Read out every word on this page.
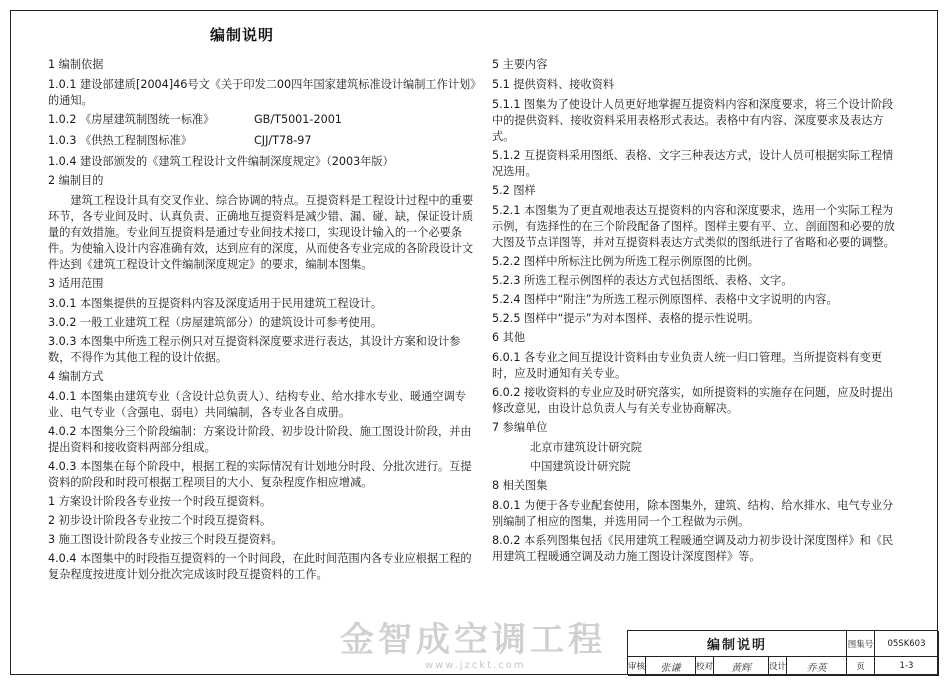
编制说明
1 编制依据
1.0.1 建设部建质[2004]46号文《关于印发二00四年国家建筑标准设计编制工作计划》的通知。
1.0.2 《房屋建筑制图统一标准》	GB/T5001-2001
1.0.3 《供热工程制图标准》	CJJ/T78-97
1.0.4 建设部颁发的《建筑工程设计文件编制深度规定》（2003年版）
2 编制目的
建筑工程设计具有交叉作业、综合协调的特点。互提资料是工程设计过程中的重要环节，各专业间及时、认真负责、正确地互提资料是减少错、漏、碰、缺，保证设计质量的有效措施。专业间互提资料是通过专业间技术接口，实现设计输入的一个必要条件。为使输入设计内容准确有效，达到应有的深度，从而使各专业完成的各阶段设计文件达到《建筑工程设计文件编制深度规定》的要求，编制本图集。
3 适用范围
3.0.1 本图集提供的互提资料内容及深度适用于民用建筑工程设计。
3.0.2 一般工业建筑工程（房屋建筑部分）的建筑设计可参考使用。
3.0.3 本图集中所选工程示例只对互提资料深度要求进行表达，其设计方案和设计参数，不得作为其他工程的设计依据。
4 编制方式
4.0.1 本图集由建筑专业（含设计总负责人）、结构专业、给水排水专业、暖通空调专业、电气专业（含强电、弱电）共同编制，各专业各自成册。
4.0.2 本图集分三个阶段编制：方案设计阶段、初步设计阶段、施工图设计阶段，并由提出资料和接收资料两部分组成。
4.0.3 本图集在每个阶段中，根据工程的实际情况有计划地分时段、分批次进行。互提资料的阶段和时段可根据工程项目的大小、复杂程度作相应增减。
1 方案设计阶段各专业按一个时段互提资料。
2 初步设计阶段各专业按二个时段互提资料。
3 施工图设计阶段各专业按三个时段互提资料。
4.0.4 本图集中的时段指互提资料的一个时间段，在此时间范围内各专业应根据工程的复杂程度按进度计划分批次完成该时段互提资料的工作。
5 主要内容
5.1 提供资料、接收资料
5.1.1 图集为了使设计人员更好地掌握互提资料内容和深度要求，将三个设计阶段中的提供资料、接收资料采用表格形式表达。表格中有内容、深度要求及表达方式。
5.1.2 互提资料采用图纸、表格、文字三种表达方式，设计人员可根据实际工程情况选用。
5.2 图样
5.2.1 本图集为了更直观地表达互提资料的内容和深度要求，选用一个实际工程为示例，有选择性的在三个阶段配备了图样。图样主要有平、立、剖面图和必要的放大图及节点详图等，并对互提资料表达方式类似的图纸进行了省略和必要的调整。
5.2.2 图样中所标注比例为所选工程示例原图的比例。
5.2.3 所选工程示例图样的表达方式包括图纸、表格、文字。
5.2.4 图样中“附注”为所选工程示例原图样、表格中文字说明的内容。
5.2.5 图样中“提示”为对本图样、表格的提示性说明。
6 其他
6.0.1 各专业之间互提设计资料由专业负责人统一归口管理。当所提资料有变更时，应及时通知有关专业。
6.0.2 接收资料的专业应及时研究落实，如所提资料的实施存在问题，应及时提出修改意见，由设计总负责人与有关专业协商解决。
7 参编单位
北京市建筑设计研究院
中国建筑设计研究院
8 相关图集
8.0.1 为便于各专业配套使用，除本图集外，建筑、结构、给水排水、电气专业分别编制了相应的图集，并选用同一个工程做为示例。
8.0.2 本系列图集包括《民用建筑工程暖通空调及动力初步设计深度图样》和《民用建筑工程暖通空调及动力施工图设计深度图样》等。
金智成空调工程
www.jzckt.com
编制说明	图集号	05SK603
审核	张谦	校对	黄辉	设计	乔英	页	1-3
